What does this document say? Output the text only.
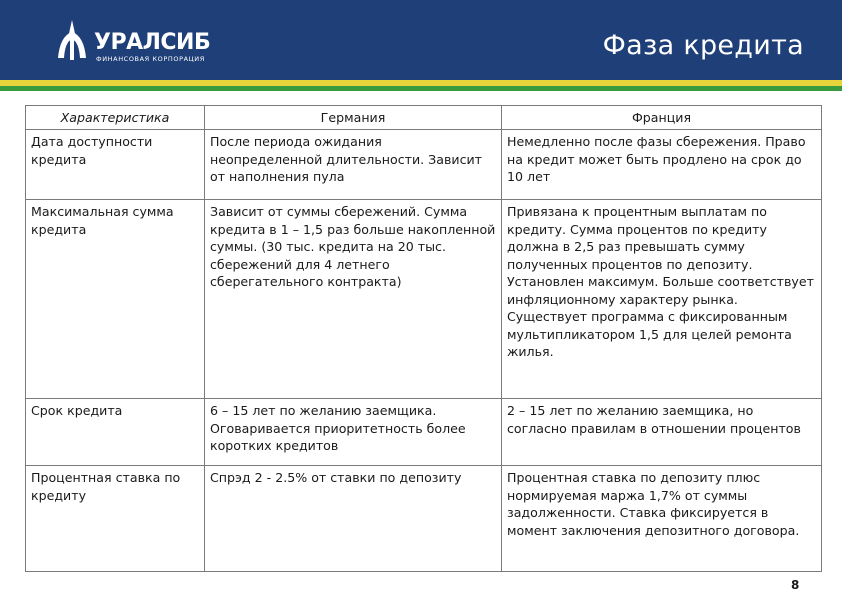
УРАЛСИБ
ФИНАНСОВАЯ КОРПОРАЦИЯ	Фаза кредита
Характеристика	Германия	Франция
Дата доступности кредита	После периода ожидания неопределенной длительности. Зависит от наполнения пула	Немедленно после фазы сбережения. Право на кредит может быть продлено на срок до 10 лет
Максимальная сумма кредита	Зависит от суммы сбережений. Сумма кредита в 1 – 1,5 раз больше накопленной суммы. (30 тыс. кредита на 20 тыс. сбережений для 4 летнего сберегательного контракта)	Привязана к процентным выплатам по кредиту. Сумма процентов по кредиту должна в 2,5 раз превышать сумму полученных процентов по депозиту. Установлен максимум. Больше соответствует инфляционному характеру рынка. Существует программа с фиксированным мультипликатором 1,5 для целей ремонта жилья.
Срок кредита	6 – 15 лет по желанию заемщика. Оговаривается приоритетность более коротких кредитов	2 – 15 лет по желанию заемщика, но согласно правилам в отношении процентов
Процентная ставка по кредиту	Спрэд 2 - 2.5% от ставки по депозиту	Процентная ставка по депозиту плюс нормируемая маржа 1,7% от суммы задолженности. Ставка фиксируется в момент заключения депозитного договора.
8
